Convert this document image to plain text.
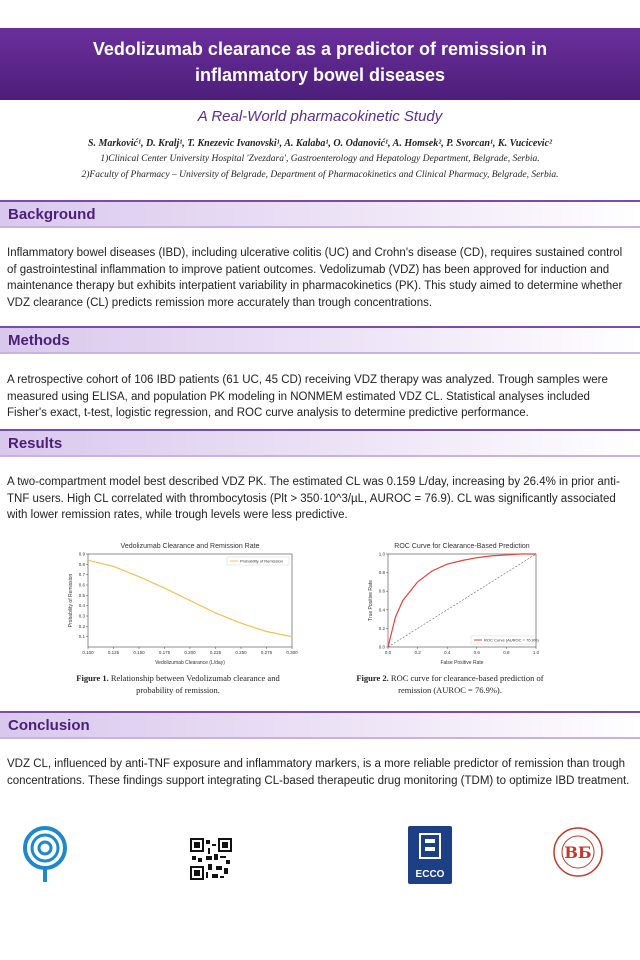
Vedolizumab clearance as a predictor of remission in
inflammatory bowel diseases
A Real-World pharmacokinetic Study
S. Marković¹, D. Kralj¹, T. Knezevic Ivanovski¹, A. Kalaba¹, O. Odanović¹, A. Homsek², P. Svorcan¹, K. Vucicevic²
1)Clinical Center University Hospital 'Zvezdara', Gastroenterology and Hepatology Department, Belgrade, Serbia.
2)Faculty of Pharmacy – University of Belgrade, Department of Pharmacokinetics and Clinical Pharmacy, Belgrade, Serbia.
Background
Inflammatory bowel diseases (IBD), including ulcerative colitis (UC) and Crohn's disease (CD), requires sustained control of gastrointestinal inflammation to improve patient outcomes. Vedolizumab (VDZ) has been approved for induction and maintenance therapy but exhibits interpatient variability in pharmacokinetics (PK). This study aimed to determine whether VDZ clearance (CL) predicts remission more accurately than trough concentrations.
Methods
A retrospective cohort of 106 IBD patients (61 UC, 45 CD) receiving VDZ therapy was analyzed. Trough samples were measured using ELISA, and population PK modeling in NONMEM estimated VDZ CL. Statistical analyses included Fisher's exact, t-test, logistic regression, and ROC curve analysis to determine predictive performance.
Results
A two-compartment model best described VDZ PK. The estimated CL was 0.159 L/day, increasing by 26.4% in prior anti-TNF users. High CL correlated with thrombocytosis (Plt > 350·10^3/µL, AUROC = 76.9). CL was significantly associated with lower remission rates, while trough levels were less predictive.
Vedolizumab Clearance and Remission Rate
0.100	0.125	0.150	0.175	0.200	0.225	0.250	0.275	0.300
0.1
0.2
0.3
0.4
0.5
0.6
0.7
0.8
0.9
Vedolizumab Clearance (L/day)
Probability of Remission
Probability of Remission
Figure 1. Relationship between Vedolizumab clearance and probability of remission.
ROC Curve for Clearance-Based Prediction
0.0	0.2	0.4	0.6	0.8	1.0
0.0
0.2
0.4
0.6
0.8
1.0
False Positive Rate
True Positive Rate
ROC Curve (AUROC = 76.9%)
Figure 2. ROC curve for clearance-based prediction of remission (AUROC = 76.9%).
Conclusion
VDZ CL, influenced by anti-TNF exposure and inflammatory markers, is a more reliable predictor of remission than trough concentrations. These findings support integrating CL-based therapeutic drug monitoring (TDM) to optimize IBD treatment.
ECCO
ВБ
